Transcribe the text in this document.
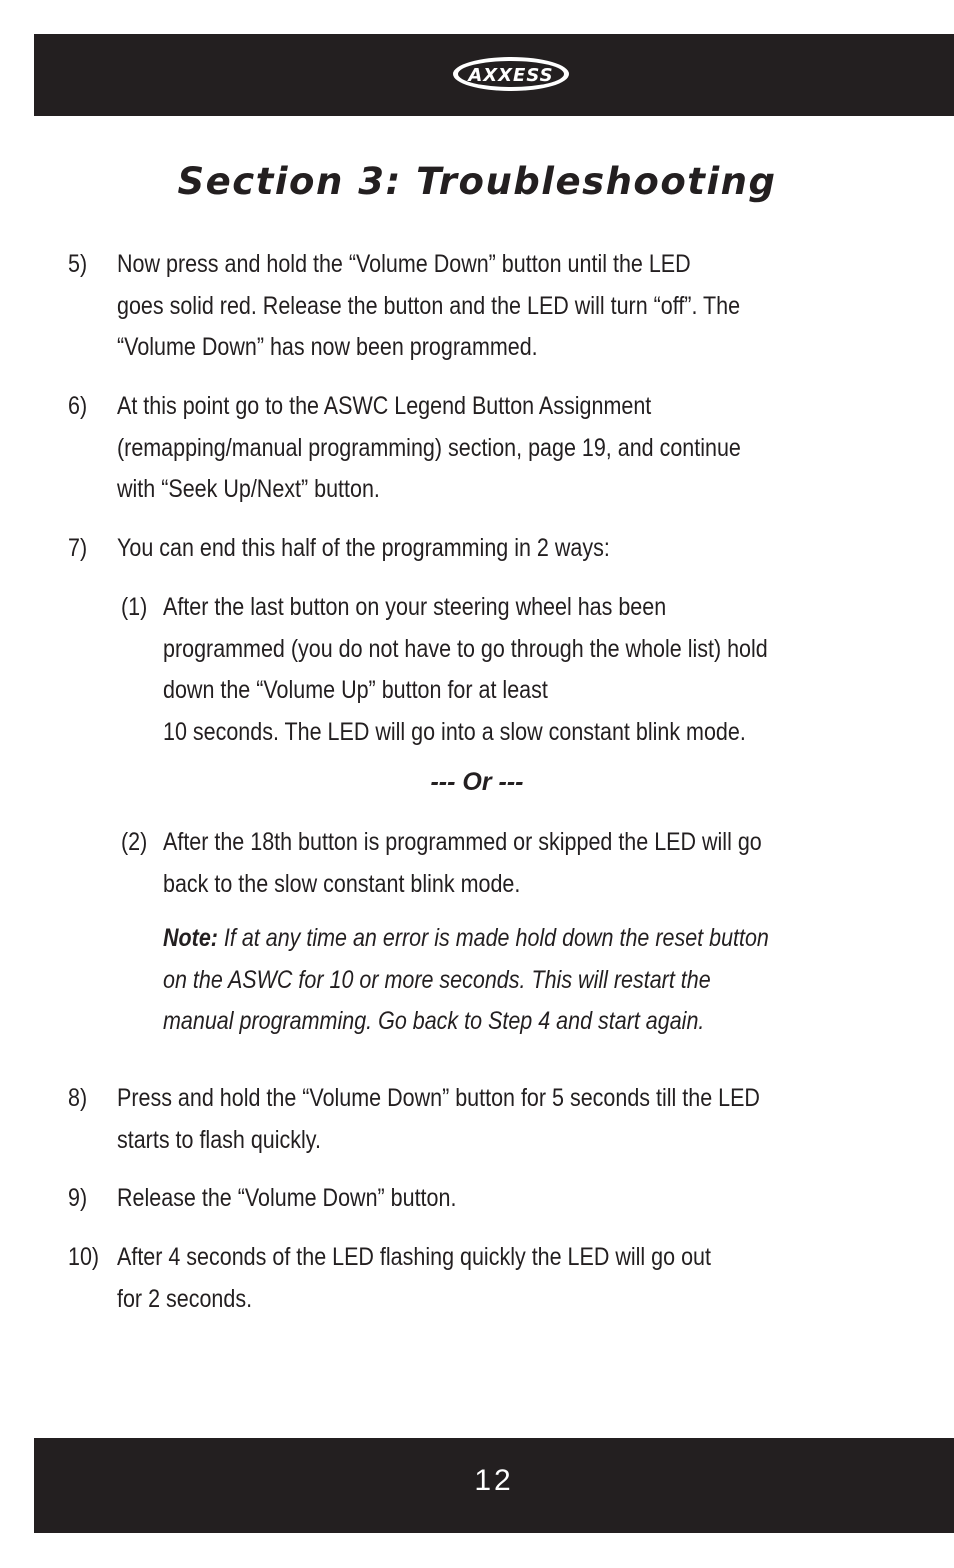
AXXESS
Section 3: Troubleshooting
5) Now press and hold the “Volume Down” button until the LED
goes solid red. Release the button and the LED will turn “off”. The
“Volume Down” has now been programmed.
6) At this point go to the ASWC Legend Button Assignment
(remapping/manual programming) section, page 19, and continue
with “Seek Up/Next” button.
7) You can end this half of the programming in 2 ways:
(1) After the last button on your steering wheel has been
programmed (you do not have to go through the whole list) hold
down the “Volume Up” button for at least
10 seconds. The LED will go into a slow constant blink mode.
--- Or ---
(2) After the 18th button is programmed or skipped the LED will go
back to the slow constant blink mode.
Note: If at any time an error is made hold down the reset button
on the ASWC for 10 or more seconds. This will restart the
manual programming. Go back to Step 4 and start again.
8) Press and hold the “Volume Down” button for 5 seconds till the LED
starts to flash quickly.
9) Release the “Volume Down” button.
10) After 4 seconds of the LED flashing quickly the LED will go out
for 2 seconds.
12
